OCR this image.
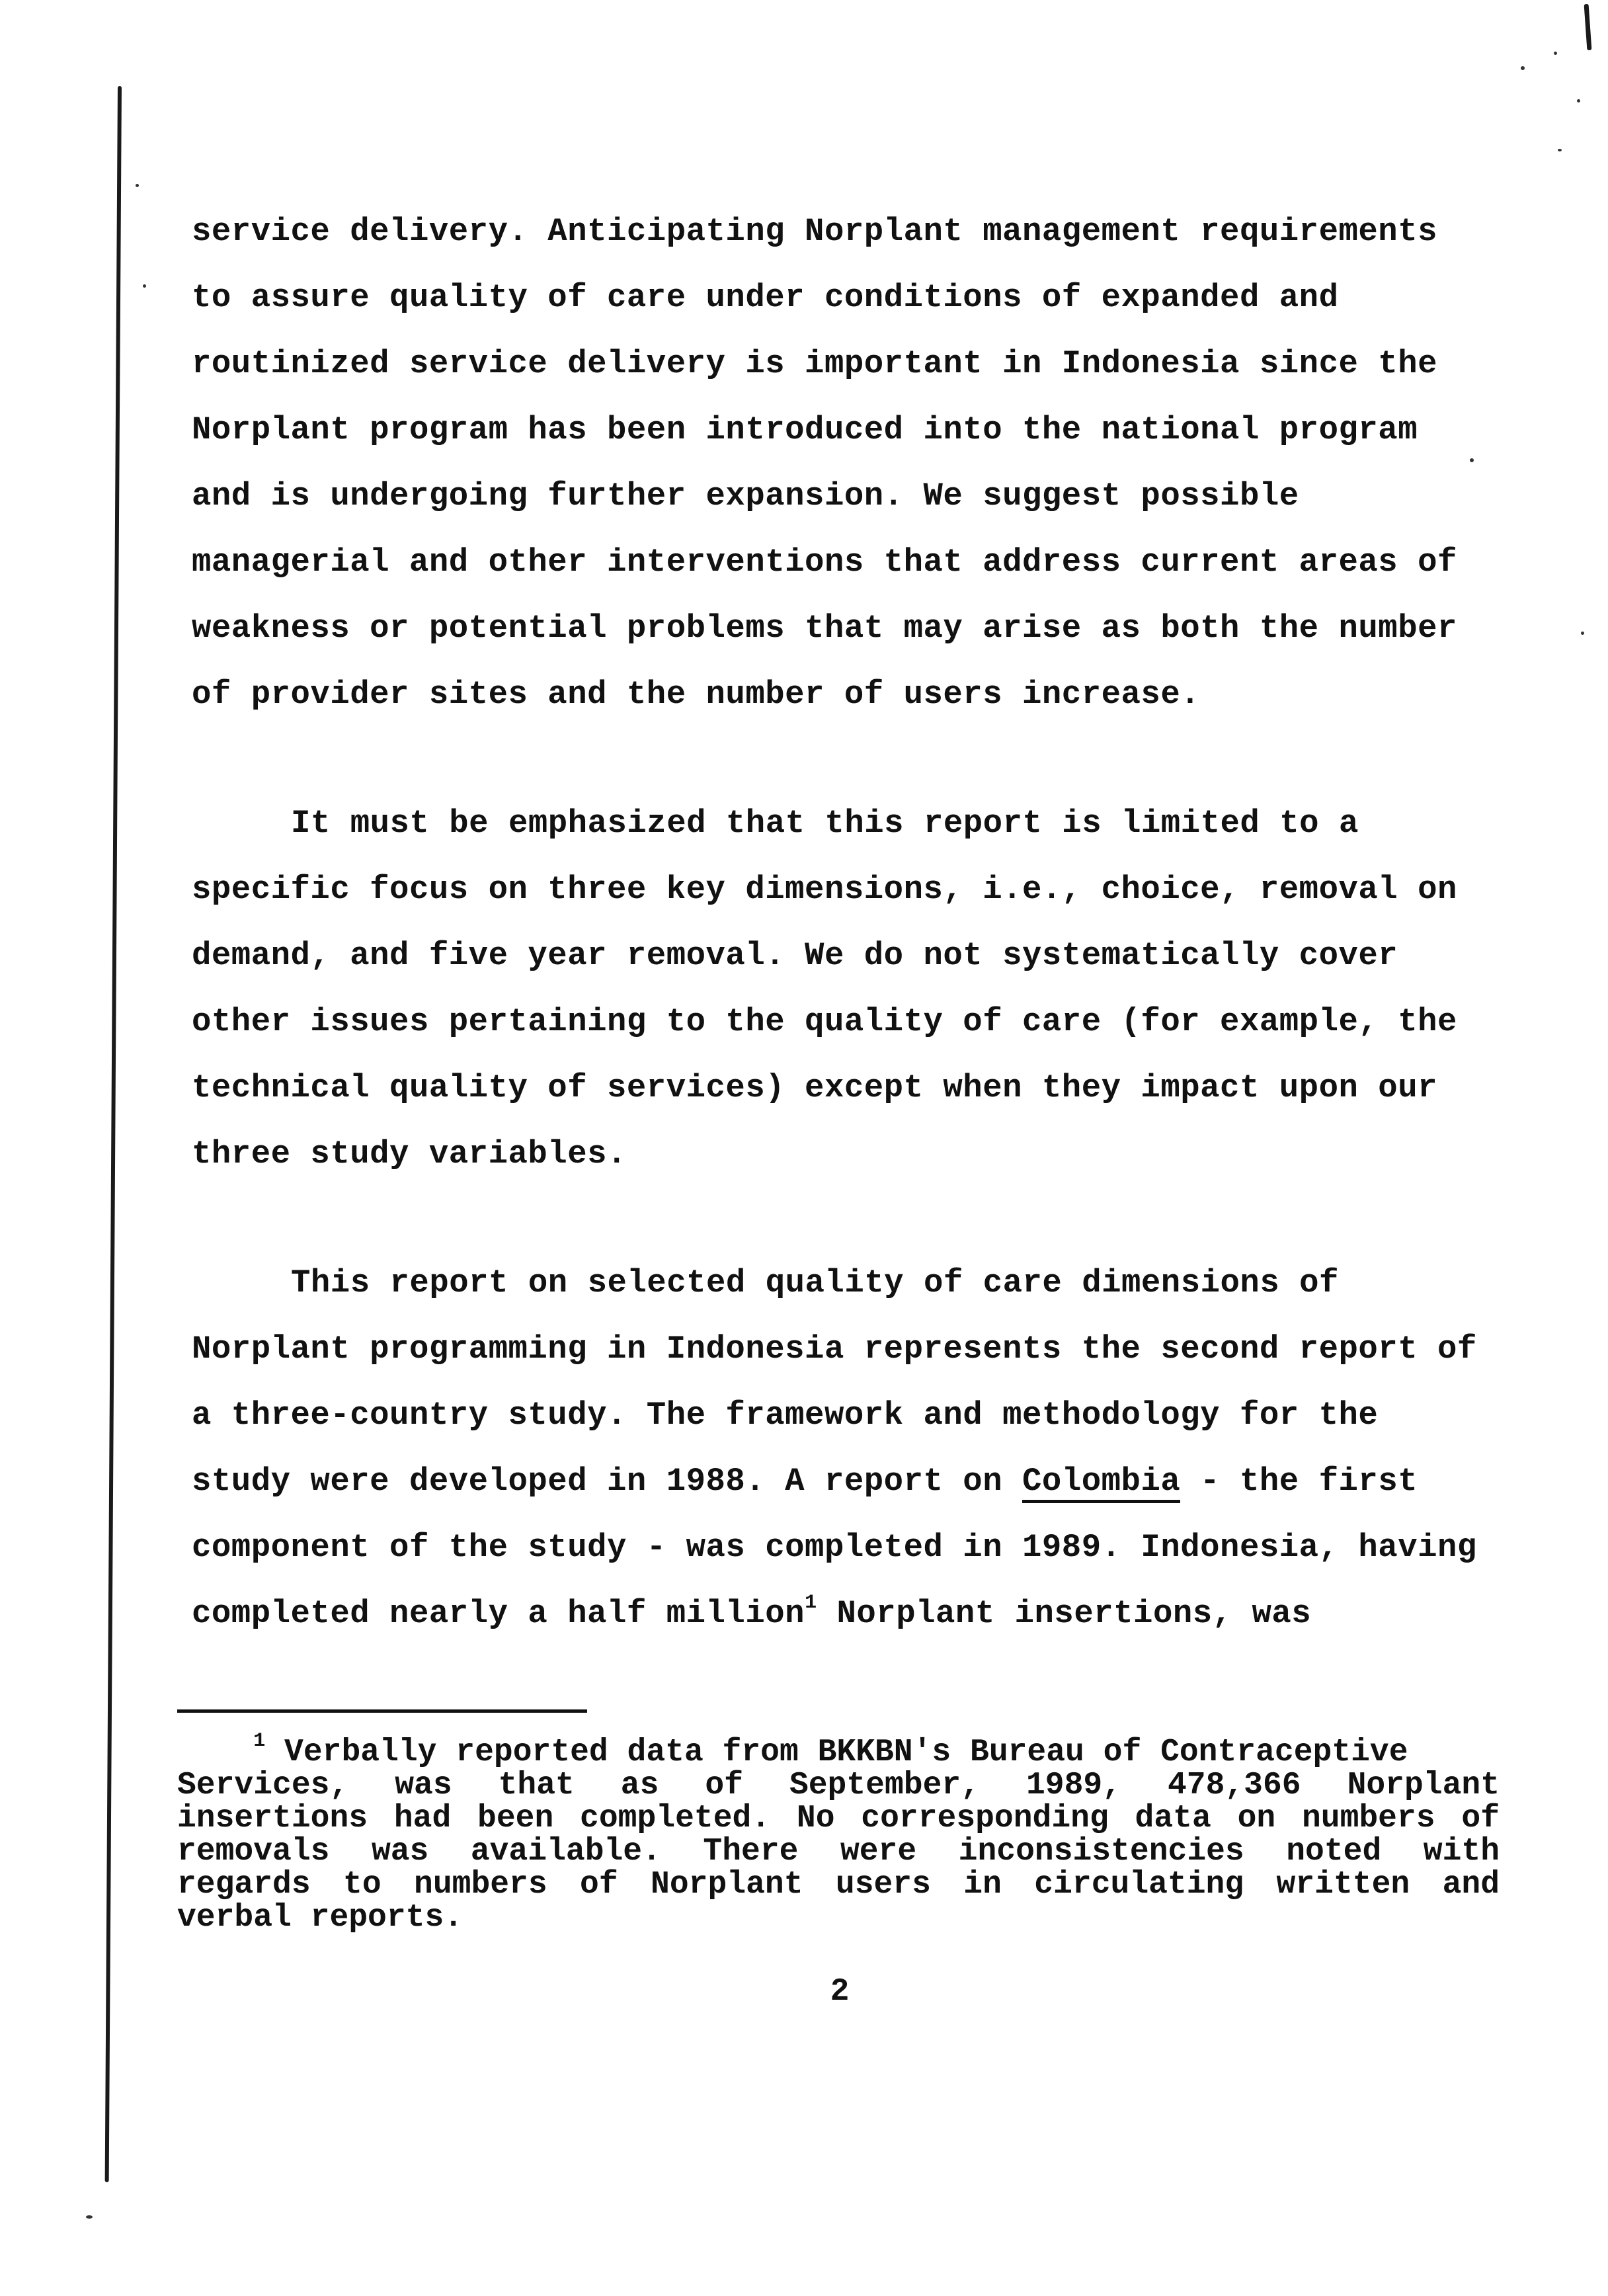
service delivery. Anticipating Norplant management requirements
to assure quality of care under conditions of expanded and
routinized service delivery is important in Indonesia since the
Norplant program has been introduced into the national program
and is undergoing further expansion. We suggest possible
managerial and other interventions that address current areas of
weakness or potential problems that may arise as both the number
of provider sites and the number of users increase.

It must be emphasized that this report is limited to a
specific focus on three key dimensions, i.e., choice, removal on
demand, and five year removal. We do not systematically cover
other issues pertaining to the quality of care (for example, the
technical quality of services) except when they impact upon our
three study variables.

This report on selected quality of care dimensions of
Norplant programming in Indonesia represents the second report of
a three-country study. The framework and methodology for the
study were developed in 1988. A report on Colombia - the first
component of the study - was completed in 1989. Indonesia, having
completed nearly a half million$^1$ Norplant insertions, was

$^1$ Verbally reported data from BKKBN's Bureau of Contraceptive
Services, was that as of September, 1989, 478,366 Norplant
insertions had been completed. No corresponding data on numbers of
removals was available. There were inconsistencies noted with
regards to numbers of Norplant users in circulating written and
verbal reports.
2
